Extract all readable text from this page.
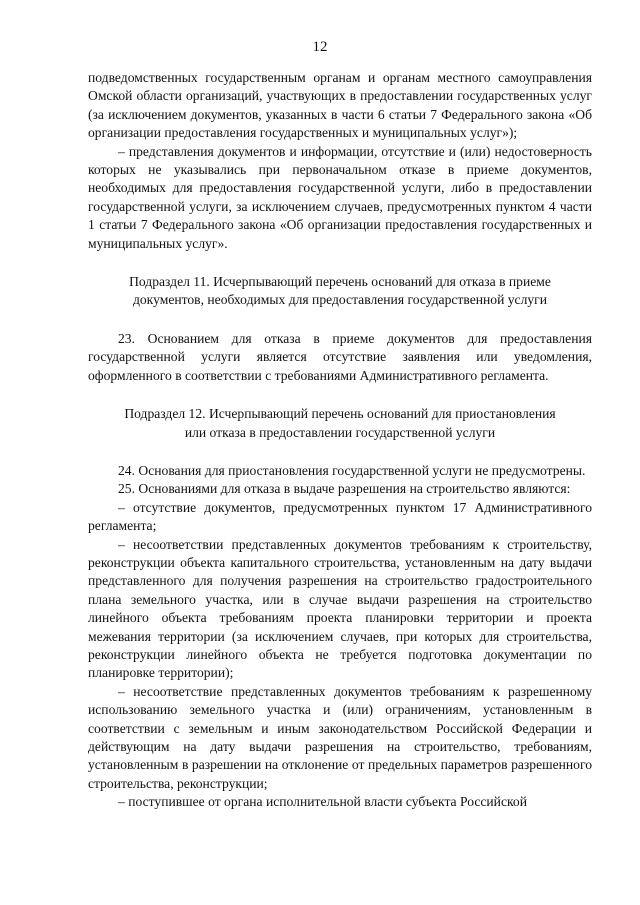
12

подведомственных государственным органам и органам местного самоуправления Омской области организаций, участвующих в предоставлении государственных услуг (за исключением документов, указанных в части 6 статьи 7 Федерального закона «Об организации предоставления государственных и муниципальных услуг»);

– представления документов и информации, отсутствие и (или) недостоверность которых не указывались при первоначальном отказе в приеме документов, необходимых для предоставления государственной услуги, либо в предоставлении государственной услуги, за исключением случаев, предусмотренных пунктом 4 части 1 статьи 7 Федерального закона «Об организации предоставления государственных и муниципальных услуг».

Подраздел 11. Исчерпывающий перечень оснований для отказа в приеме
документов, необходимых для предоставления государственной услуги

23. Основанием для отказа в приеме документов для предоставления государственной услуги является отсутствие заявления или уведомления, оформленного в соответствии с требованиями Административного регламента.

Подраздел 12. Исчерпывающий перечень оснований для приостановления
или отказа в предоставлении государственной услуги

24. Основания для приостановления государственной услуги не предусмотрены.

25. Основаниями для отказа в выдаче разрешения на строительство являются:

– отсутствие документов, предусмотренных пунктом 17 Административного регламента;

– несоответствии представленных документов требованиям к строительству, реконструкции объекта капитального строительства, установленным на дату выдачи представленного для получения разрешения на строительство градостроительного плана земельного участка, или в случае выдачи разрешения на строительство линейного объекта требованиям проекта планировки территории и проекта межевания территории (за исключением случаев, при которых для строительства, реконструкции линейного объекта не требуется подготовка документации по планировке территории);

– несоответствие представленных документов требованиям к разрешенному использованию земельного участка и (или) ограничениям, установленным в соответствии с земельным и иным законодательством Российской Федерации и действующим на дату выдачи разрешения на строительство, требованиям, установленным в разрешении на отклонение от предельных параметров разрешенного строительства, реконструкции;

– поступившее от органа исполнительной власти субъекта Российской
